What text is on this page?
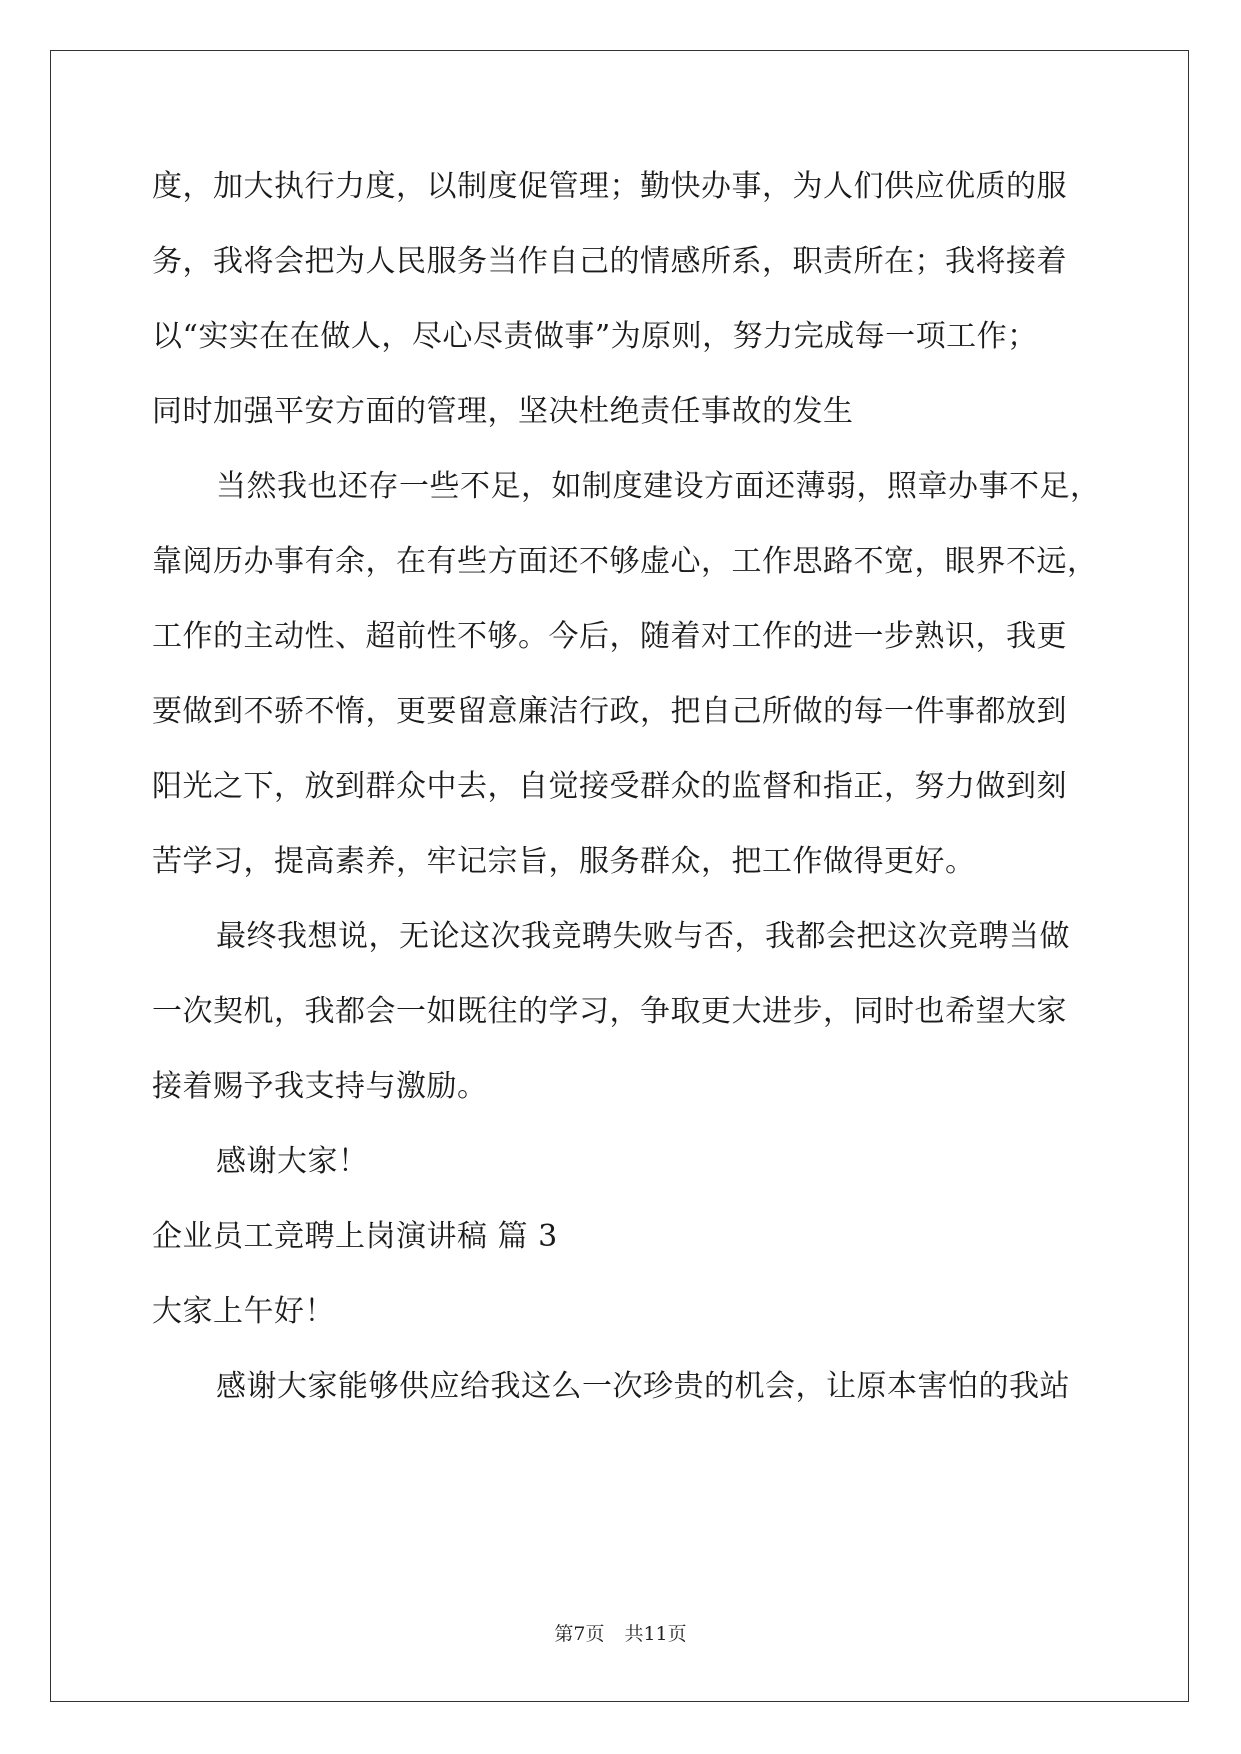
度，加大执行力度，以制度促管理；勤快办事，为人们供应优质的服
务，我将会把为人民服务当作自己的情感所系，职责所在；我将接着
以“实实在在做人，尽心尽责做事”为原则，努力完成每一项工作；
同时加强平安方面的管理，坚决杜绝责任事故的发生
当然我也还存一些不足，如制度建设方面还薄弱，照章办事不足，
靠阅历办事有余，在有些方面还不够虚心，工作思路不宽，眼界不远，
工作的主动性、超前性不够。今后，随着对工作的进一步熟识，我更
要做到不骄不惰，更要留意廉洁行政，把自己所做的每一件事都放到
阳光之下，放到群众中去，自觉接受群众的监督和指正，努力做到刻
苦学习，提高素养，牢记宗旨，服务群众，把工作做得更好。
最终我想说，无论这次我竞聘失败与否，我都会把这次竞聘当做
一次契机，我都会一如既往的学习，争取更大进步，同时也希望大家
接着赐予我支持与激励。
感谢大家！
企业员工竞聘上岗演讲稿 篇 3
大家上午好！
感谢大家能够供应给我这么一次珍贵的机会，让原本害怕的我站
第7页 共11页
